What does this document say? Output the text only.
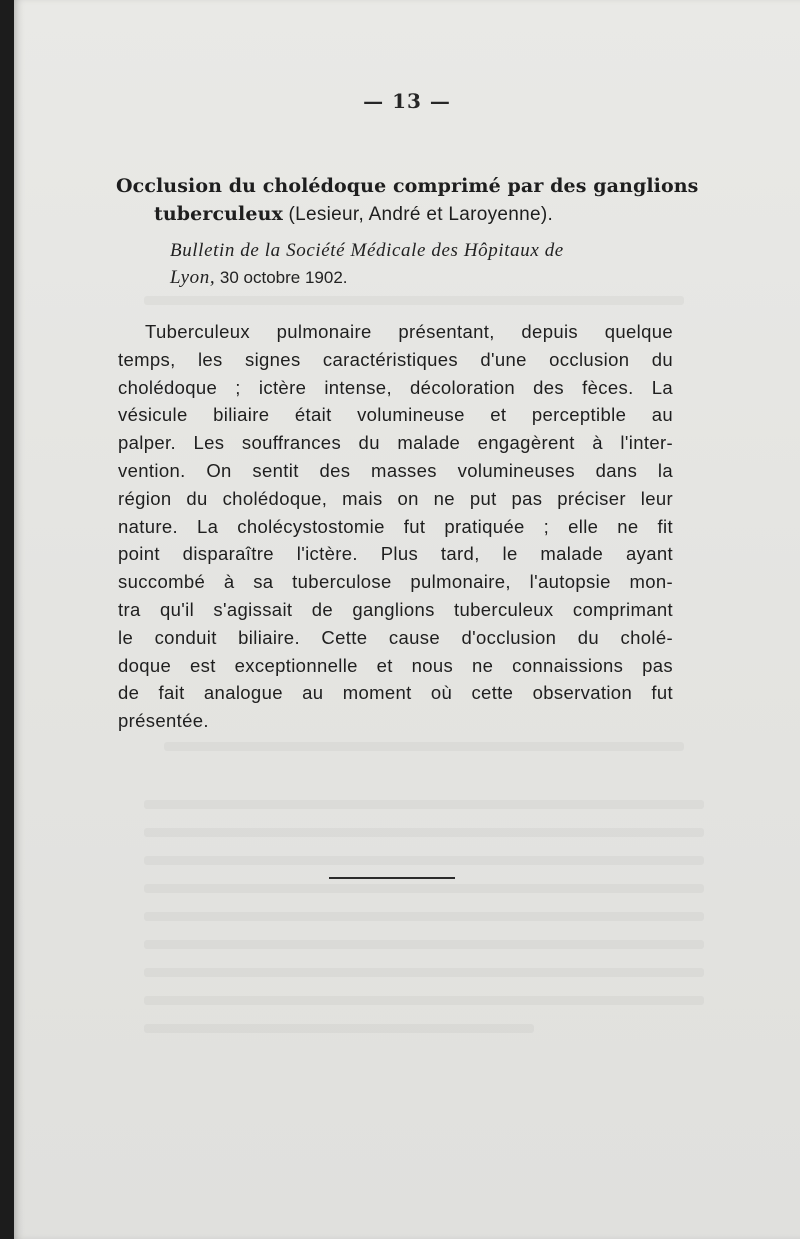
— 13 —

Occlusion du cholédoque comprimé par des ganglions
tuberculeux (Lesieur, André et Laroyenne).

Bulletin de la Société Médicale des Hôpitaux de
Lyon, 30 octobre 1902.

Tuberculeux pulmonaire présentant, depuis quelque
temps, les signes caractéristiques d'une occlusion du
cholédoque ; ictère intense, décoloration des fèces. La
vésicule biliaire était volumineuse et perceptible au
palper. Les souffrances du malade engagèrent à l'inter-
vention. On sentit des masses volumineuses dans la
région du cholédoque, mais on ne put pas préciser leur
nature. La cholécystostomie fut pratiquée ; elle ne fit
point disparaître l'ictère. Plus tard, le malade ayant
succombé à sa tuberculose pulmonaire, l'autopsie mon-
tra qu'il s'agissait de ganglions tuberculeux comprimant
le conduit biliaire. Cette cause d'occlusion du cholé-
doque est exceptionnelle et nous ne connaissions pas
de fait analogue au moment où cette observation fut
présentée.
